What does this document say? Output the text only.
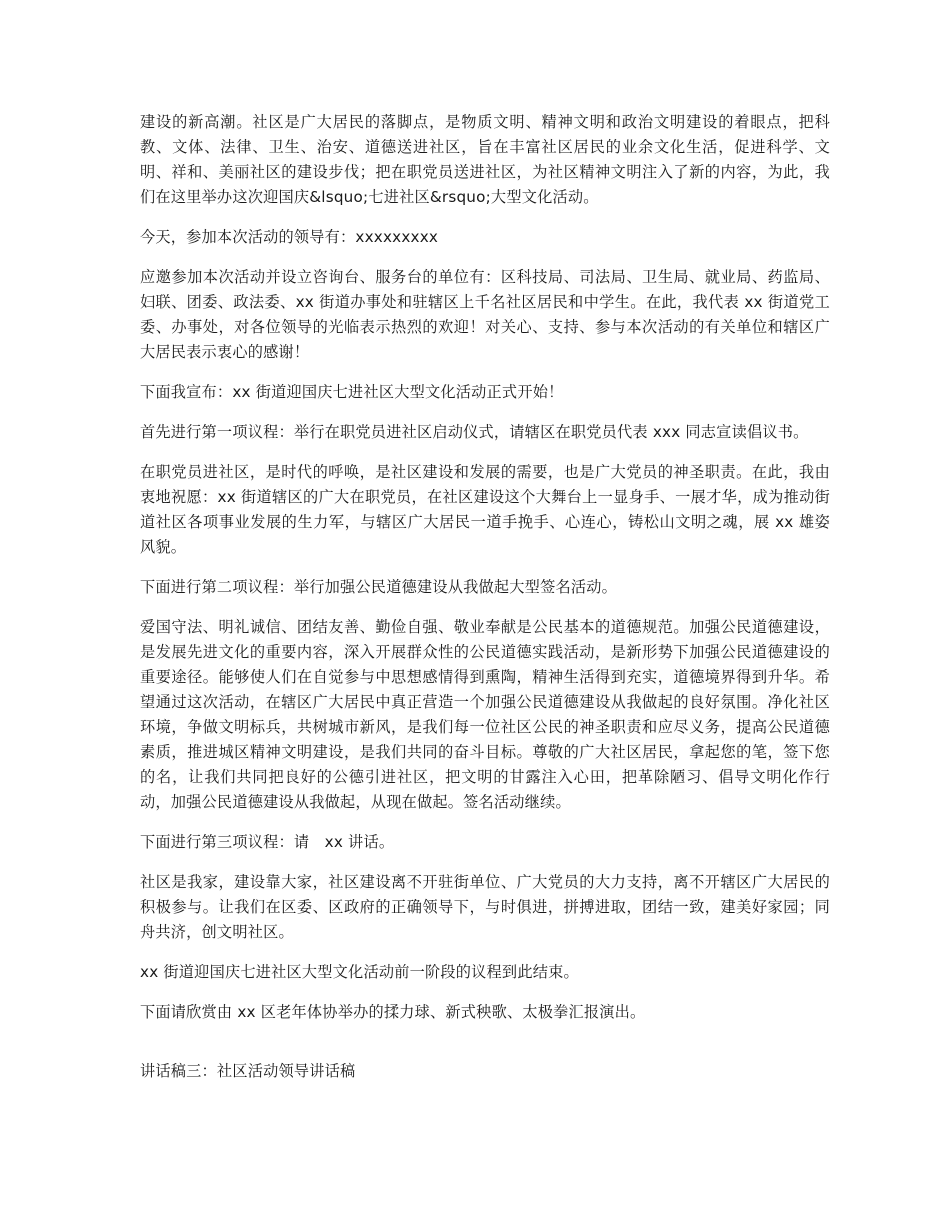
建设的新高潮。社区是广大居民的落脚点，是物质文明、精神文明和政治文明建设的着眼点，把科教、文体、法律、卫生、治安、道德送进社区，旨在丰富社区居民的业余文化生活，促进科学、文明、祥和、美丽社区的建设步伐；把在职党员送进社区，为社区精神文明注入了新的内容，为此，我们在这里举办这次迎国庆&lsquo;七进社区&rsquo;大型文化活动。

今天，参加本次活动的领导有：xxxxxxxxx

应邀参加本次活动并设立咨询台、服务台的单位有：区科技局、司法局、卫生局、就业局、药监局、妇联、团委、政法委、xx 街道办事处和驻辖区上千名社区居民和中学生。在此，我代表 xx 街道党工委、办事处，对各位领导的光临表示热烈的欢迎！对关心、支持、参与本次活动的有关单位和辖区广大居民表示衷心的感谢！

下面我宣布：xx 街道迎国庆七进社区大型文化活动正式开始！

首先进行第一项议程：举行在职党员进社区启动仪式，请辖区在职党员代表 xxx 同志宣读倡议书。

在职党员进社区，是时代的呼唤，是社区建设和发展的需要，也是广大党员的神圣职责。在此，我由衷地祝愿：xx 街道辖区的广大在职党员，在社区建设这个大舞台上一显身手、一展才华，成为推动街道社区各项事业发展的生力军，与辖区广大居民一道手挽手、心连心，铸松山文明之魂，展 xx 雄姿风貌。

下面进行第二项议程：举行加强公民道德建设从我做起大型签名活动。

爱国守法、明礼诚信、团结友善、勤俭自强、敬业奉献是公民基本的道德规范。加强公民道德建设，是发展先进文化的重要内容，深入开展群众性的公民道德实践活动，是新形势下加强公民道德建设的重要途径。能够使人们在自觉参与中思想感情得到熏陶，精神生活得到充实，道德境界得到升华。希望通过这次活动，在辖区广大居民中真正营造一个加强公民道德建设从我做起的良好氛围。净化社区环境，争做文明标兵，共树城市新风，是我们每一位社区公民的神圣职责和应尽义务，提高公民道德素质，推进城区精神文明建设，是我们共同的奋斗目标。尊敬的广大社区居民，拿起您的笔，签下您的名，让我们共同把良好的公德引进社区，把文明的甘露注入心田，把革除陋习、倡导文明化作行动，加强公民道德建设从我做起，从现在做起。签名活动继续。

下面进行第三项议程：请　xx 讲话。

社区是我家，建设靠大家，社区建设离不开驻街单位、广大党员的大力支持，离不开辖区广大居民的积极参与。让我们在区委、区政府的正确领导下，与时俱进，拼搏进取，团结一致，建美好家园；同舟共济，创文明社区。

xx 街道迎国庆七进社区大型文化活动前一阶段的议程到此结束。

下面请欣赏由 xx 区老年体协举办的揉力球、新式秧歌、太极拳汇报演出。

讲话稿三：社区活动领导讲话稿
